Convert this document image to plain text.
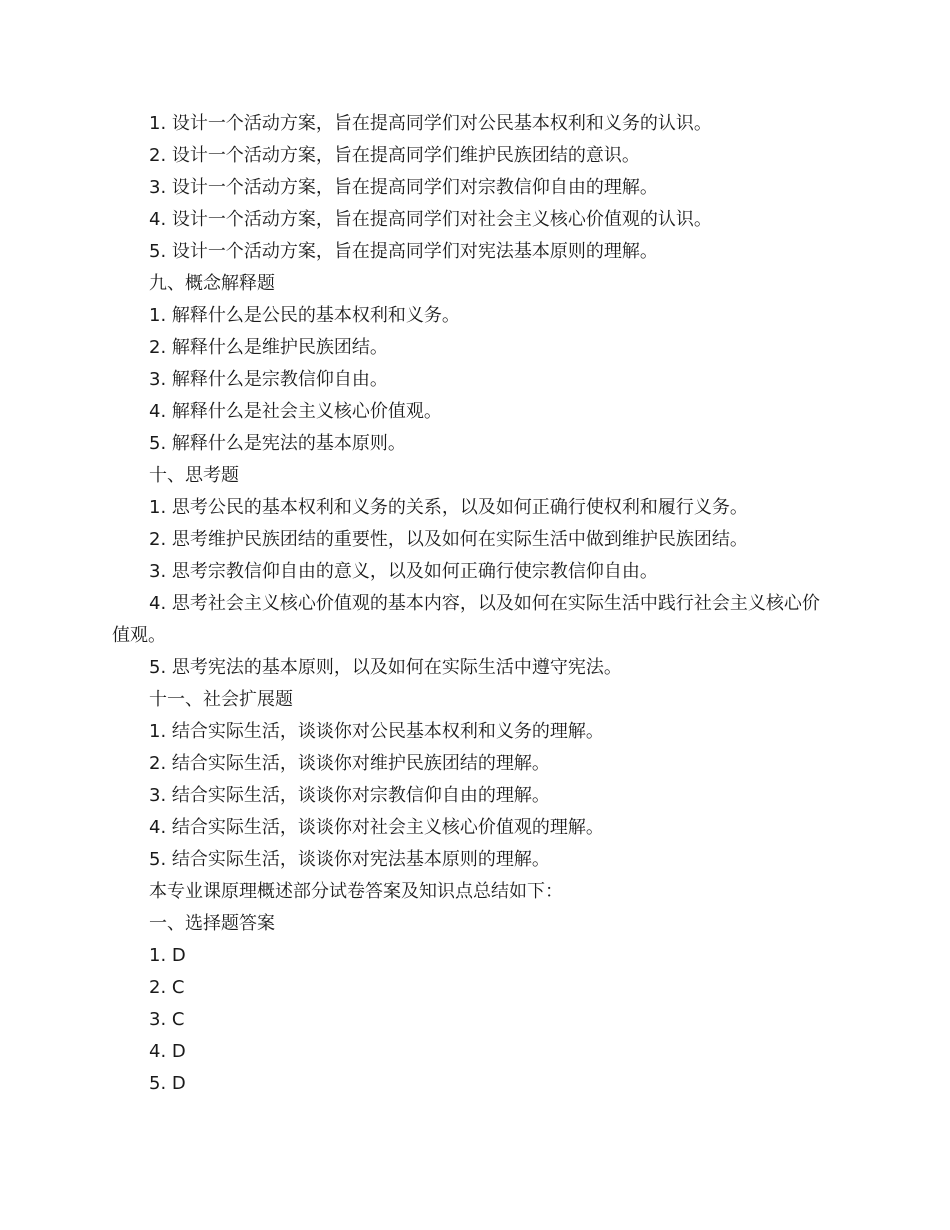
1. 设计一个活动方案，旨在提高同学们对公民基本权利和义务的认识。
2. 设计一个活动方案，旨在提高同学们维护民族团结的意识。
3. 设计一个活动方案，旨在提高同学们对宗教信仰自由的理解。
4. 设计一个活动方案，旨在提高同学们对社会主义核心价值观的认识。
5. 设计一个活动方案，旨在提高同学们对宪法基本原则的理解。
九、概念解释题
1. 解释什么是公民的基本权利和义务。
2. 解释什么是维护民族团结。
3. 解释什么是宗教信仰自由。
4. 解释什么是社会主义核心价值观。
5. 解释什么是宪法的基本原则。
十、思考题
1. 思考公民的基本权利和义务的关系，以及如何正确行使权利和履行义务。
2. 思考维护民族团结的重要性，以及如何在实际生活中做到维护民族团结。
3. 思考宗教信仰自由的意义，以及如何正确行使宗教信仰自由。
4. 思考社会主义核心价值观的基本内容，以及如何在实际生活中践行社会主义核心价值观。
5. 思考宪法的基本原则，以及如何在实际生活中遵守宪法。
十一、社会扩展题
1. 结合实际生活，谈谈你对公民基本权利和义务的理解。
2. 结合实际生活，谈谈你对维护民族团结的理解。
3. 结合实际生活，谈谈你对宗教信仰自由的理解。
4. 结合实际生活，谈谈你对社会主义核心价值观的理解。
5. 结合实际生活，谈谈你对宪法基本原则的理解。
本专业课原理概述部分试卷答案及知识点总结如下：
一、选择题答案
1. D
2. C
3. C
4. D
5. D
